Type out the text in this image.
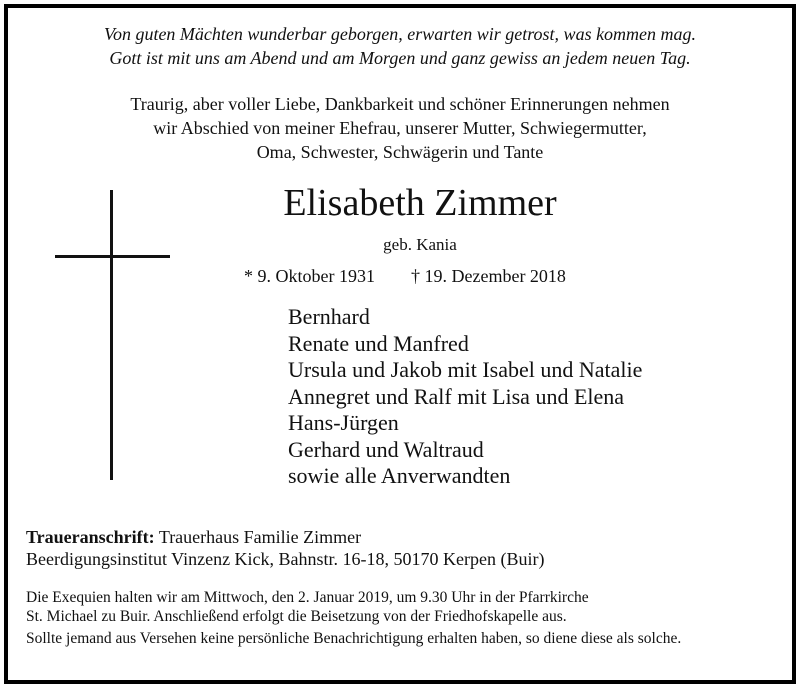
Von guten Mächten wunderbar geborgen, erwarten wir getrost, was kommen mag.
Gott ist mit uns am Abend und am Morgen und ganz gewiss an jedem neuen Tag.
Traurig, aber voller Liebe, Dankbarkeit und schöner Erinnerungen nehmen
wir Abschied von meiner Ehefrau, unserer Mutter, Schwiegermutter,
Oma, Schwester, Schwägerin und Tante
Elisabeth Zimmer
geb. Kania
* 9. Oktober 1931 † 19. Dezember 2018
Bernhard
Renate und Manfred
Ursula und Jakob mit Isabel und Natalie
Annegret und Ralf mit Lisa und Elena
Hans-Jürgen
Gerhard und Waltraud
sowie alle Anverwandten
Traueranschrift: Trauerhaus Familie Zimmer
Beerdigungsinstitut Vinzenz Kick, Bahnstr. 16-18, 50170 Kerpen (Buir)

Die Exequien halten wir am Mittwoch, den 2. Januar 2019, um 9.30 Uhr in der Pfarrkirche

St. Michael zu Buir. Anschließend erfolgt die Beisetzung von der Friedhofskapelle aus.

Sollte jemand aus Versehen keine persönliche Benachrichtigung erhalten haben, so diene diese als solche.
